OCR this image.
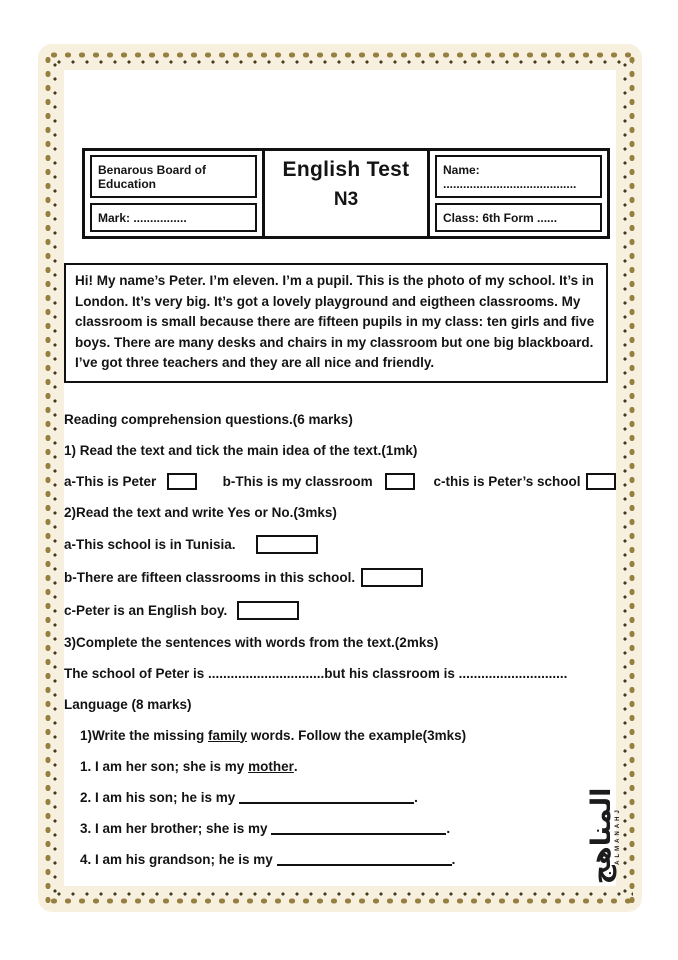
Benarous Board of Education
Mark: ................
English Test
N3
Name: ........................................
Class: 6th Form ......
Hi! My name’s Peter. I’m eleven. I’m a pupil. This is the photo of my school. It’s in London. It’s very big. It’s got a lovely playground and eigtheen classrooms. My classroom is small because there are fifteen pupils in my class: ten girls and five boys. There are many desks and chairs in my classroom but one big blackboard. I’ve got three teachers and they are all nice and friendly.
Reading comprehension questions.(6 marks)
1) Read the text and tick the main idea of the text.(1mk)
a-This is Peter	b-This is my classroom	c-this is Peter’s school
2)Read the text and write Yes or No.(3mks)
a-This school is in Tunisia.
b-There are fifteen classrooms in this school.
c-Peter is an English boy.
3)Complete the sentences with words from the text.(2mks)
The school of Peter is ...............................but his classroom is .............................
Language (8 marks)
1)Write the missing family words. Follow the example(3mks)
1. I am her son; she is my mother .
2. I am his son; he is my	.
3. I am her brother; she is my	.
4. I am his grandson; he is my	.	المناهج ALMANAHJ
